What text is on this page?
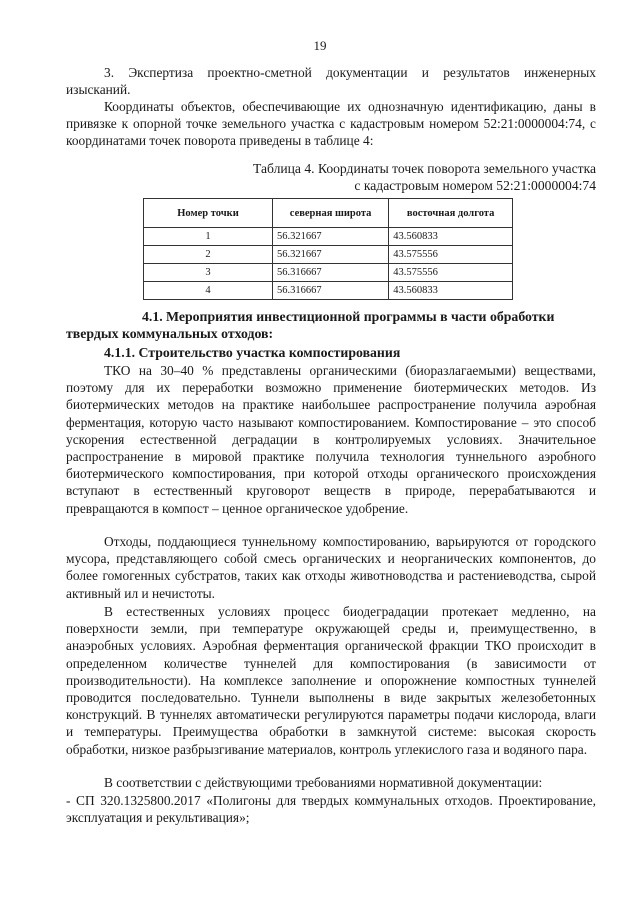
19

3. Экспертиза проектно-сметной документации и результатов инженерных изысканий.

Координаты объектов, обеспечивающие их однозначную идентификацию, даны в привязке к опорной точке земельного участка с кадастровым номером 52:21:0000004:74, с координатами точек поворота приведены в таблице 4:

Таблица 4. Координаты точек поворота земельного участка
с кадастровым номером 52:21:0000004:74
Номер точки	северная широта	восточная долгота
1	56.321667	43.560833
2	56.321667	43.575556
3	56.316667	43.575556
4	56.316667	43.560833

4.1. Мероприятия инвестиционной программы в части обработки твердых коммунальных отходов:

4.1.1. Строительство участка компостирования

ТКО на 30–40 % представлены органическими (биоразлагаемыми) веществами, поэтому для их переработки возможно применение биотермических методов. Из биотермических методов на практике наибольшее распространение получила аэробная ферментация, которую часто называют компостированием. Компостирование – это способ ускорения естественной деградации в контролируемых условиях. Значительное распространение в мировой практике получила технология туннельного аэробного биотермического компостирования, при которой отходы органического происхождения вступают в естественный круговорот веществ в природе, перерабатываются и превращаются в компост – ценное органическое удобрение.

Отходы, поддающиеся туннельному компостированию, варьируются от городского мусора, представляющего собой смесь органических и неорганических компонентов, до более гомогенных субстратов, таких как отходы животноводства и растениеводства, сырой активный ил и нечистоты.

В естественных условиях процесс биодеградации протекает медленно, на поверхности земли, при температуре окружающей среды и, преимущественно, в анаэробных условиях. Аэробная ферментация органической фракции ТКО происходит в определенном количестве туннелей для компостирования (в зависимости от производительности). На комплексе заполнение и опорожнение компостных туннелей проводится последовательно. Туннели выполнены в виде закрытых железобетонных конструкций. В туннелях автоматически регулируются параметры подачи кислорода, влаги и температуры. Преимущества обработки в замкнутой системе: высокая скорость обработки, низкое разбрызгивание материалов, контроль углекислого газа и водяного пара.

В соответствии с действующими требованиями нормативной документации:

- СП 320.1325800.2017 «Полигоны для твердых коммунальных отходов. Проектирование, эксплуатация и рекультивация»;
